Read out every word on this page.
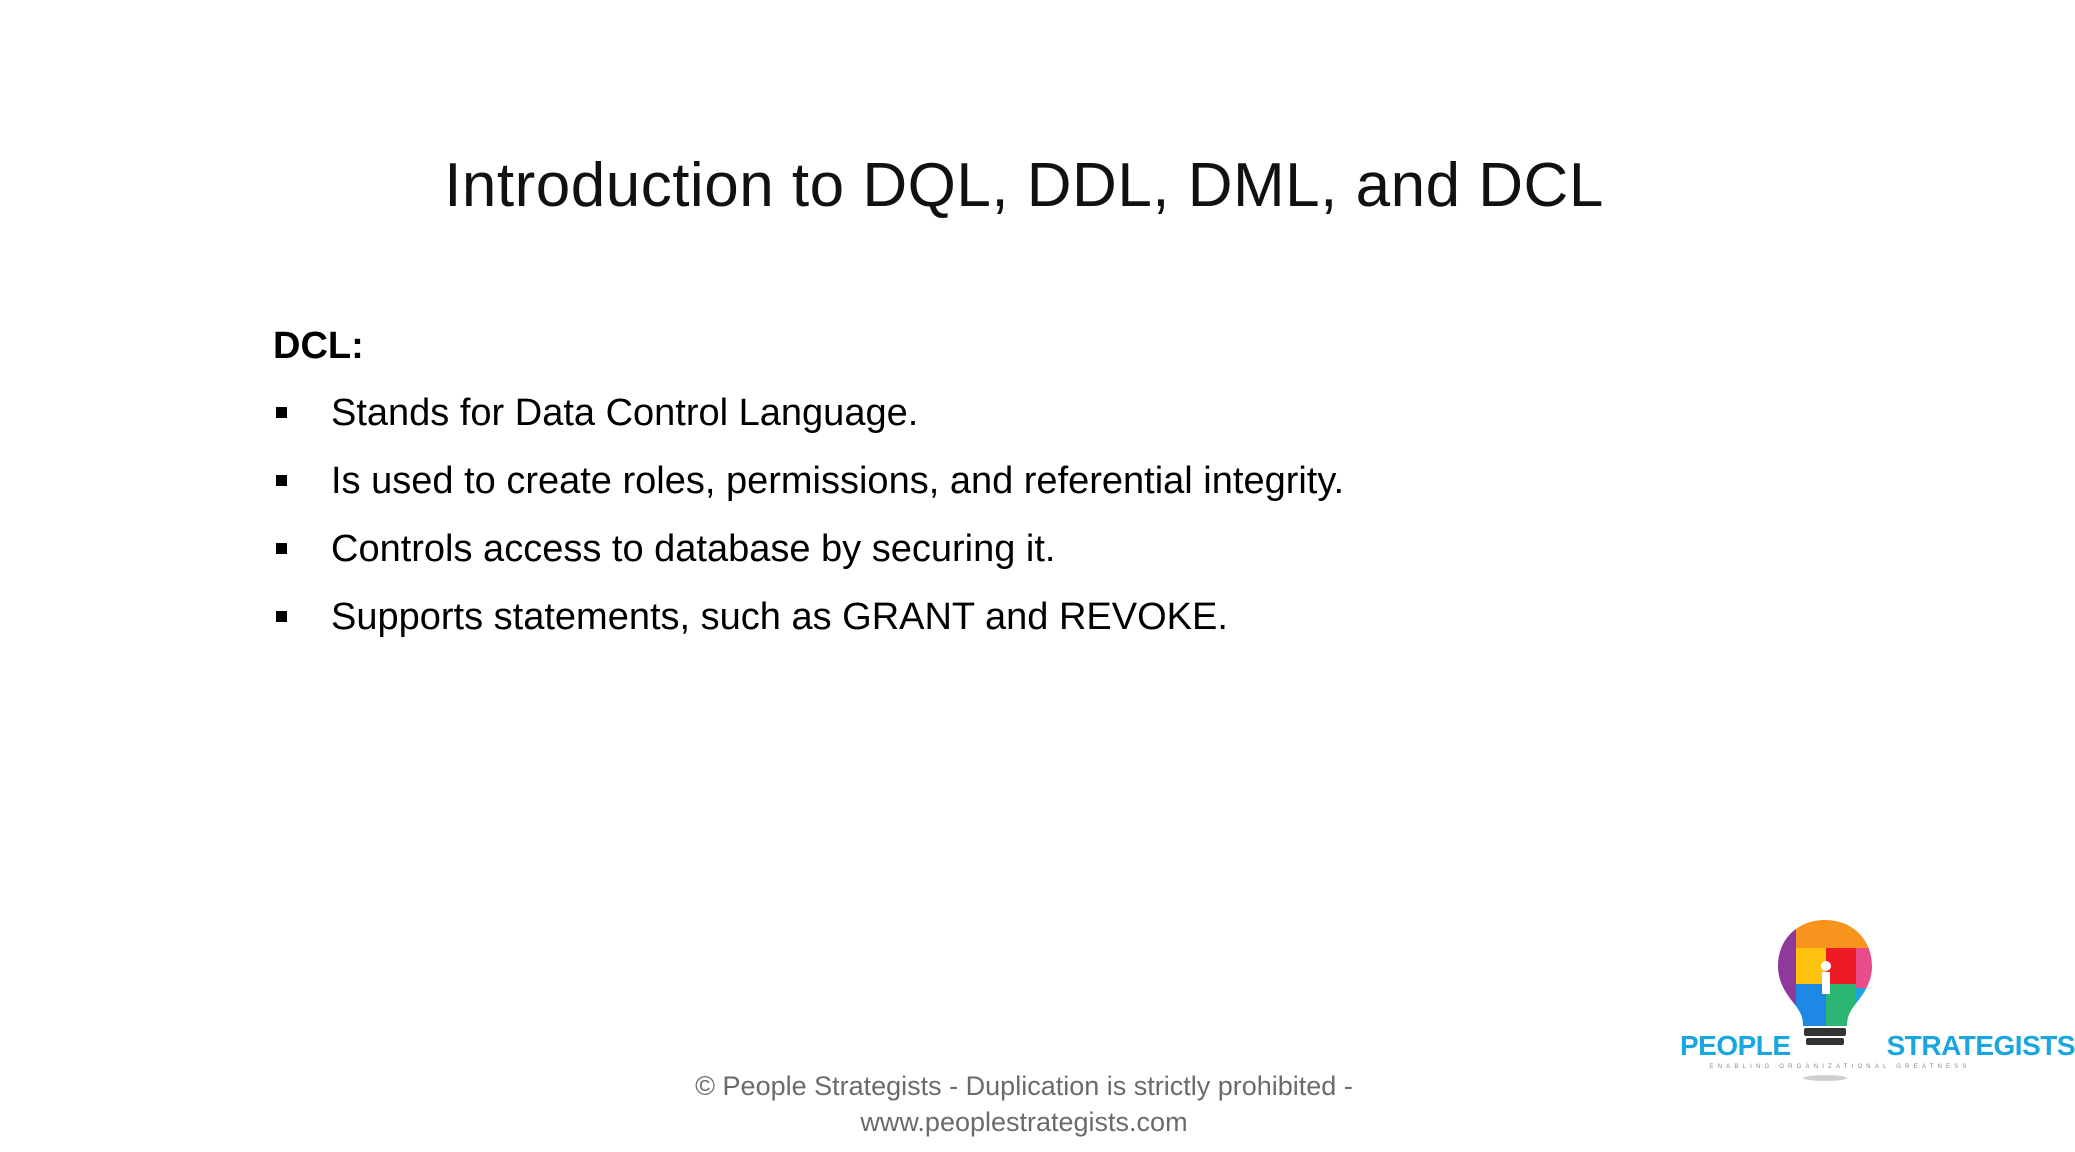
Introduction to DQL, DDL, DML, and DCL
DCL:
Stands for Data Control Language.
Is used to create roles, permissions, and referential integrity.
Controls access to database by securing it.
Supports statements, such as GRANT and REVOKE.
PEOPLE	STRATEGISTS
ENABLING ORGANIZATIONAL GREATNESS
© People Strategists - Duplication is strictly prohibited -
www.peoplestrategists.com
